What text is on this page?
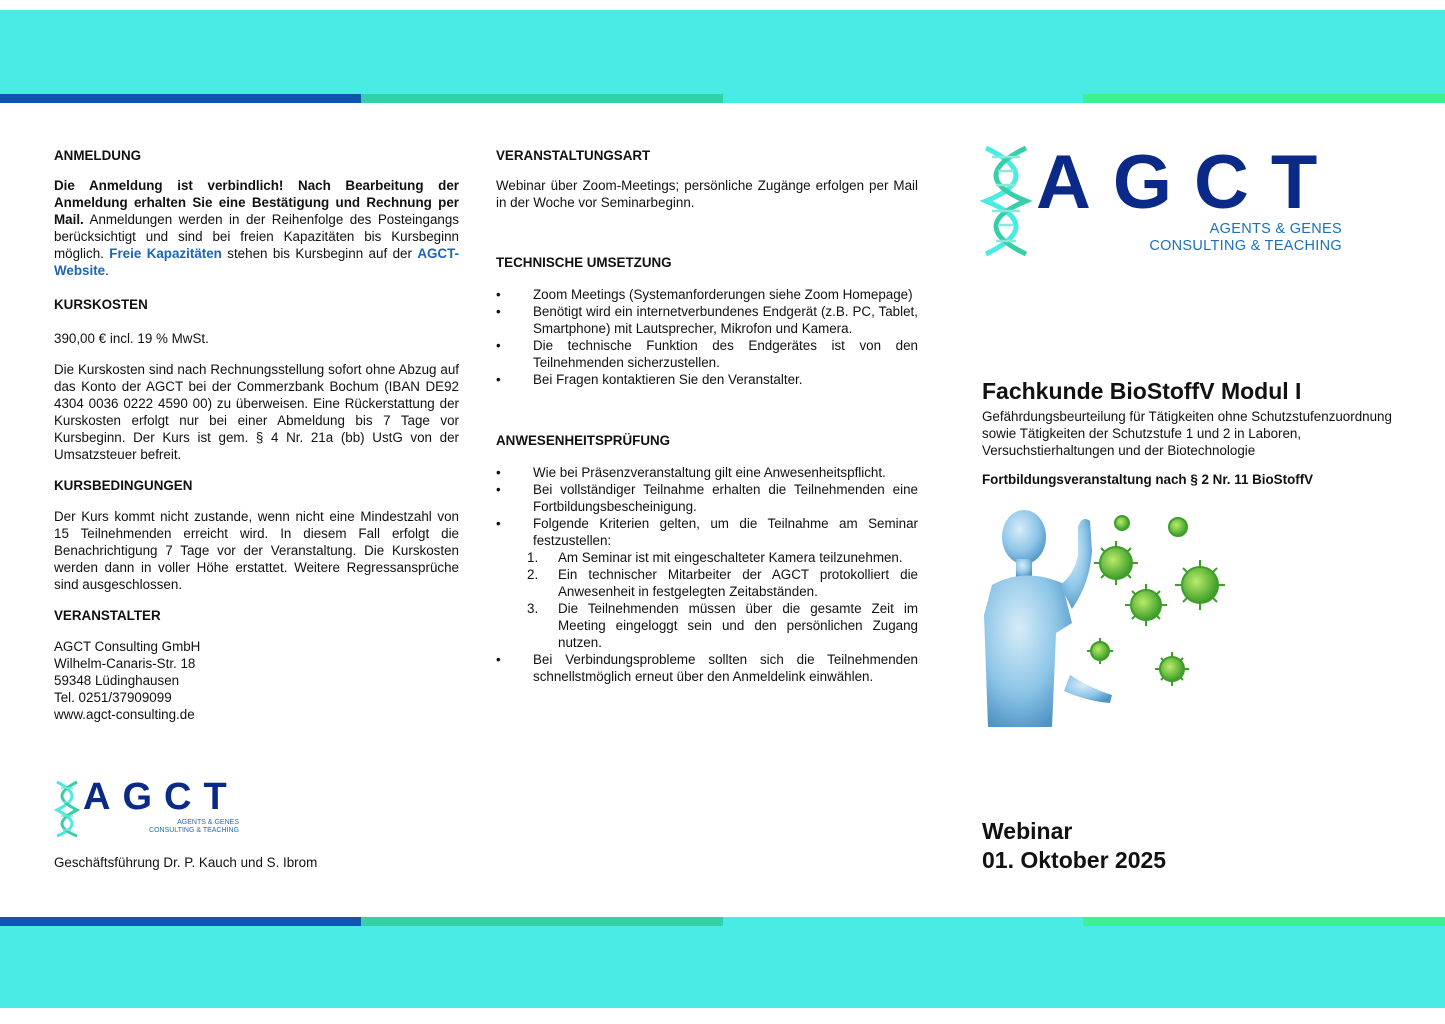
ANMELDUNG

Die Anmeldung ist verbindlich! Nach Bearbeitung der Anmeldung erhalten Sie eine Bestätigung und Rechnung per Mail. Anmeldungen werden in der Reihenfolge des Posteingangs berücksichtigt und sind bei freien Kapazitäten bis Kursbeginn möglich. Freie Kapazitäten stehen bis Kursbeginn auf der AGCT-Website.

KURSKOSTEN

390,00 € incl. 19 % MwSt.

Die Kurskosten sind nach Rechnungsstellung sofort ohne Abzug auf das Konto der AGCT bei der Commerzbank Bochum (IBAN DE92 4304 0036 0222 4590 00) zu überweisen. Eine Rückerstattung der Kurskosten erfolgt nur bei einer Abmeldung bis 7 Tage vor Kursbeginn. Der Kurs ist gem. § 4 Nr. 21a (bb) UstG von der Umsatzsteuer befreit.

KURSBEDINGUNGEN

Der Kurs kommt nicht zustande, wenn nicht eine Mindestzahl von 15 Teilnehmenden erreicht wird. In diesem Fall erfolgt die Benachrichtigung 7 Tage vor der Veranstaltung. Die Kurskosten werden dann in voller Höhe erstattet. Weitere Regressansprüche sind ausgeschlossen.

VERANSTALTER

AGCT Consulting GmbH
Wilhelm-Canaris-Str. 18
59348 Lüdinghausen
Tel. 0251/37909099
www.agct-consulting.de
AGCT
AGENTS & GENES
CONSULTING & TEACHING
Geschäftsführung Dr. P. Kauch und S. Ibrom

VERANSTALTUNGSART

Webinar über Zoom-Meetings; persönliche Zugänge erfolgen per Mail in der Woche vor Seminarbeginn.

TECHNISCHE UMSETZUNG

• Zoom Meetings (Systemanforderungen siehe Zoom Homepage)
• Benötigt wird ein internetverbundenes Endgerät (z.B. PC, Tablet, Smartphone) mit Lautsprecher, Mikrofon und Kamera.
• Die technische Funktion des Endgerätes ist von den Teilnehmenden sicherzustellen.
• Bei Fragen kontaktieren Sie den Veranstalter.

ANWESENHEITSPRÜFUNG

• Wie bei Präsenzveranstaltung gilt eine Anwesenheitspflicht.
• Bei vollständiger Teilnahme erhalten die Teilnehmenden eine Fortbildungsbescheinigung.
• Folgende Kriterien gelten, um die Teilnahme am Seminar festzustellen:
1. Am Seminar ist mit eingeschalteter Kamera teilzunehmen.
2. Ein technischer Mitarbeiter der AGCT protokolliert die Anwesenheit in festgelegten Zeitabständen.
3. Die Teilnehmenden müssen über die gesamte Zeit im Meeting eingeloggt sein und den persönlichen Zugang nutzen.
• Bei Verbindungsprobleme sollten sich die Teilnehmenden schnellstmöglich erneut über den Anmeldelink einwählen.
AGCT
AGENTS & GENES
CONSULTING & TEACHING

Fachkunde BioStoffV Modul I

Gefährdungsbeurteilung für Tätigkeiten ohne Schutzstufenzuordnung sowie Tätigkeiten der Schutzstufe 1 und 2 in Laboren, Versuchstierhaltungen und der Biotechnologie

Fortbildungsveranstaltung nach § 2 Nr. 11 BioStoffV

Webinar
01. Oktober 2025
